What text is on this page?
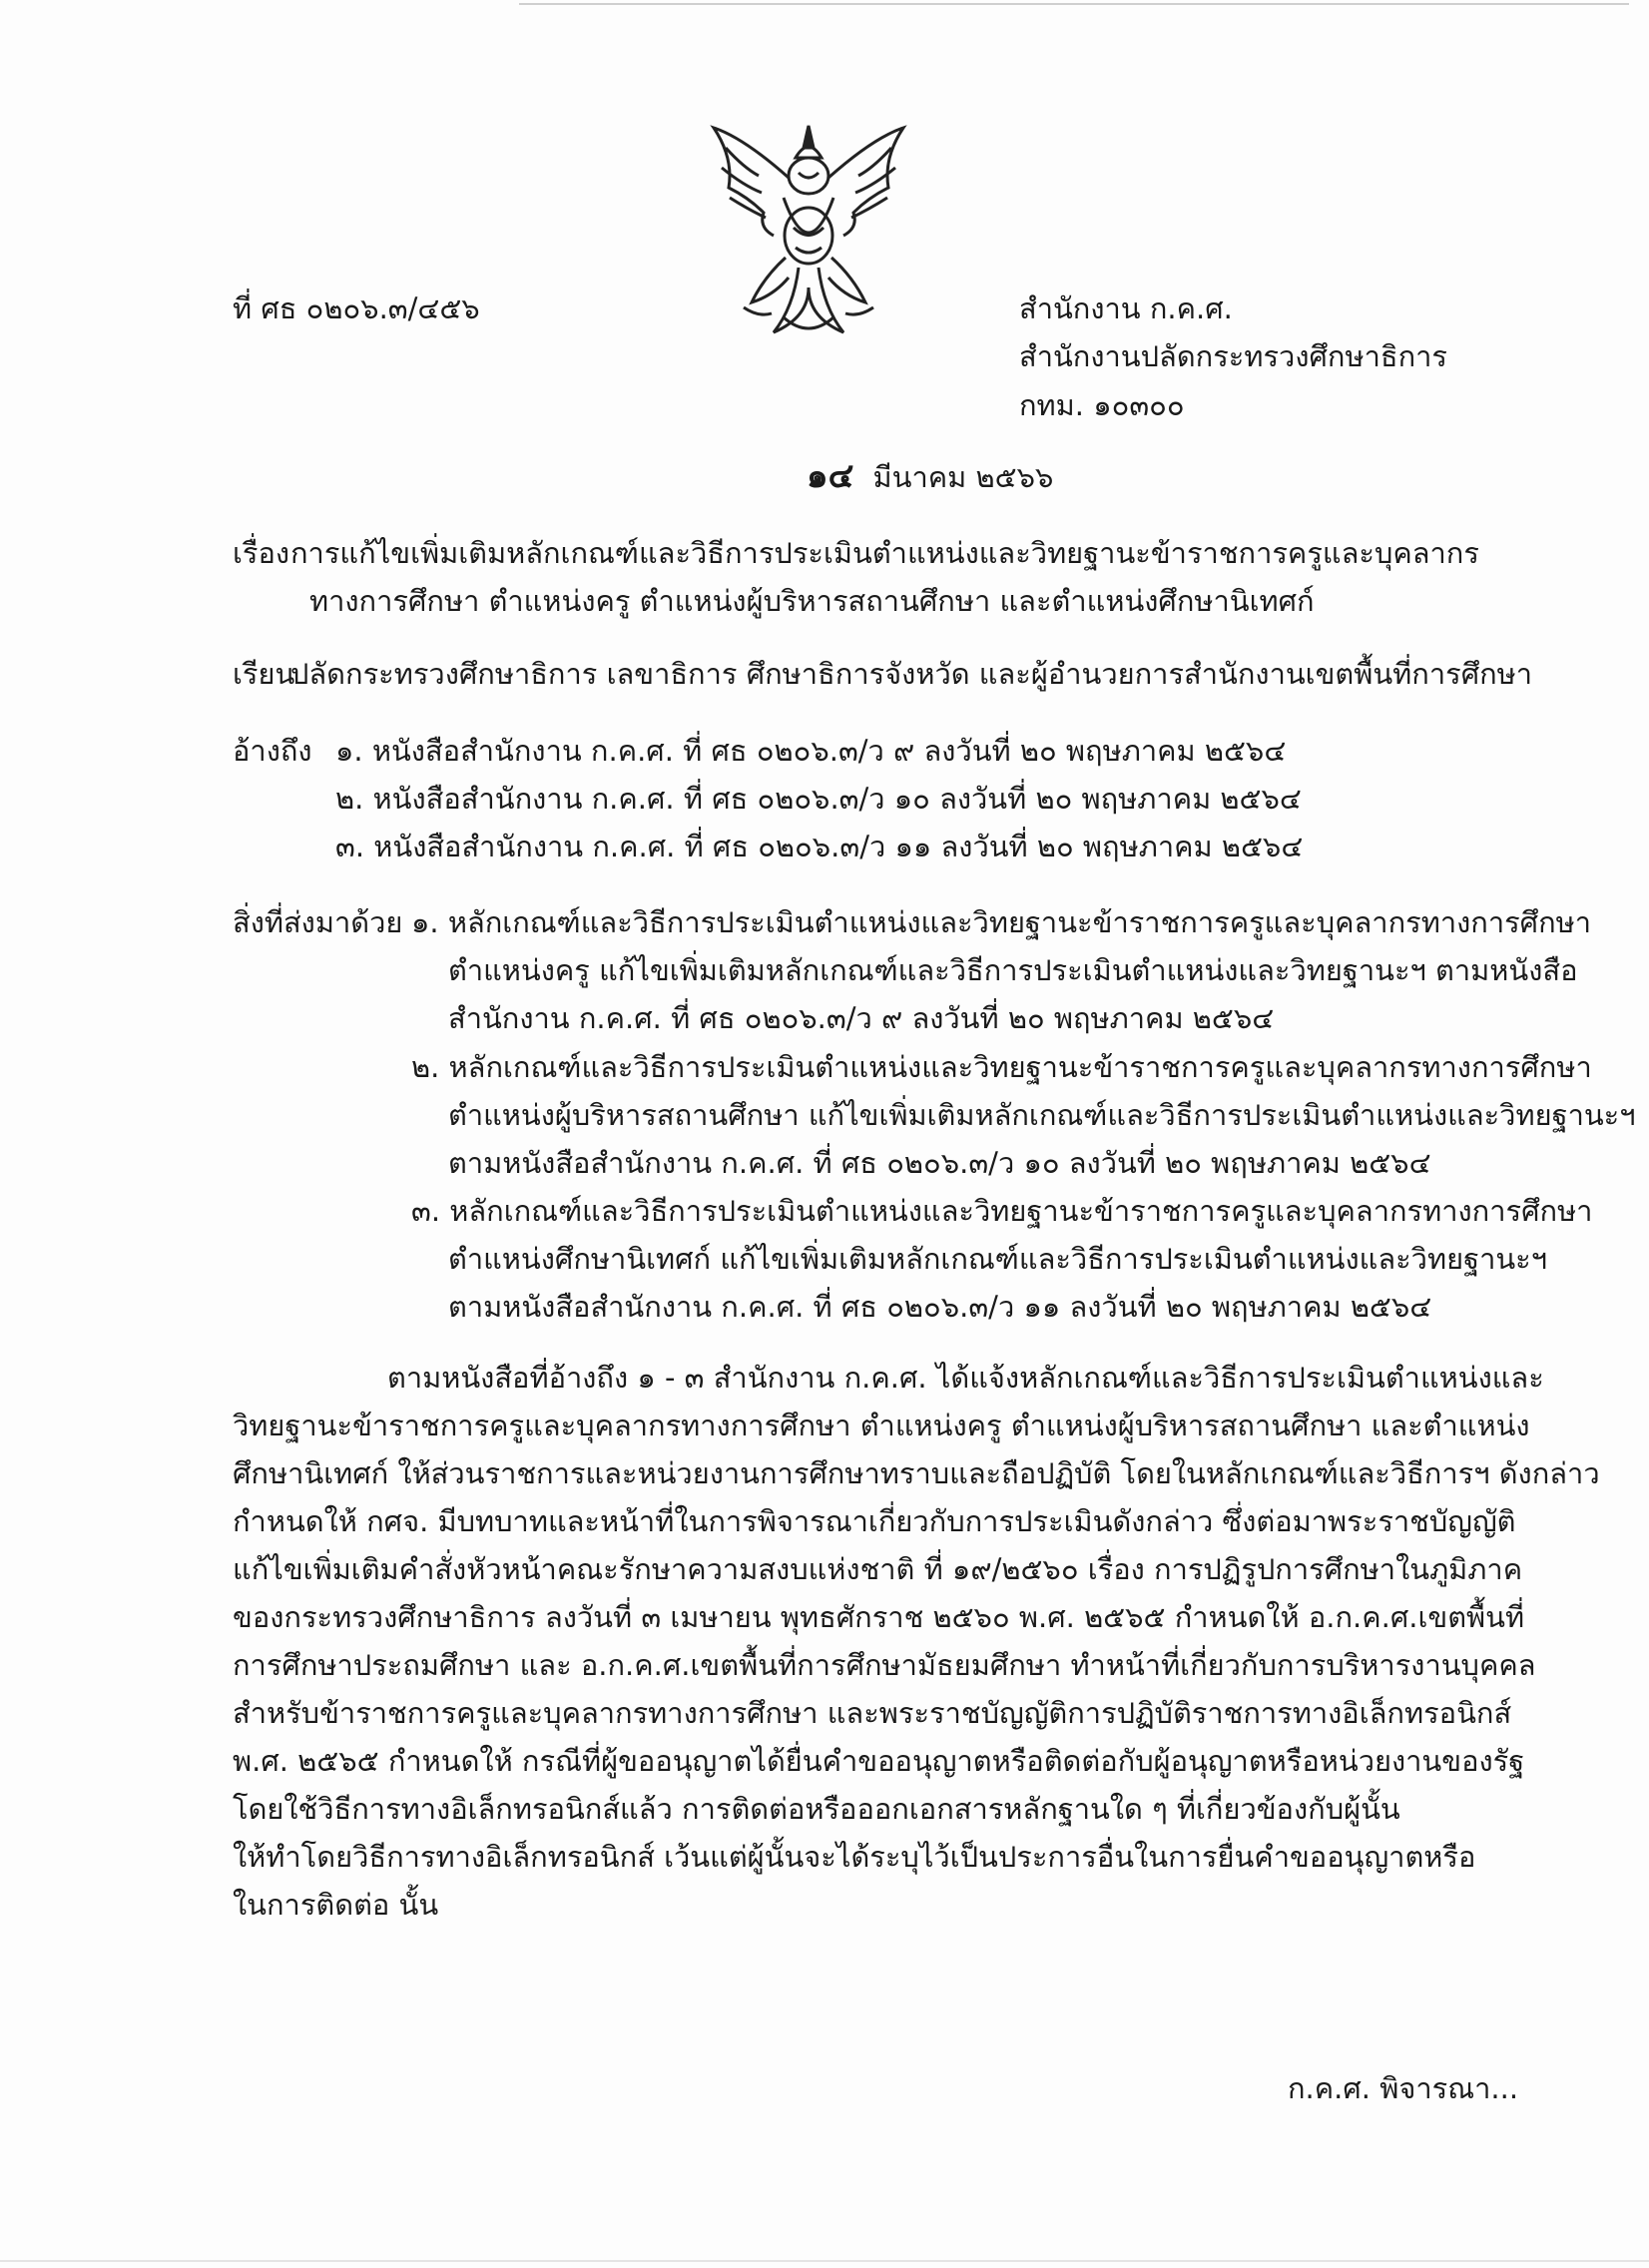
ที่ ศธ ๐๒๐๖.๓/๔๕๖	สำนักงาน ก.ค.ศ.
สำนักงานปลัดกระทรวงศึกษาธิการ
กทม. ๑๐๓๐๐
๑๔ มีนาคม ๒๕๖๖
เรื่อง การแก้ไขเพิ่มเติมหลักเกณฑ์และวิธีการประเมินตำแหน่งและวิทยฐานะข้าราชการครูและบุคลากร
ทางการศึกษา ตำแหน่งครู ตำแหน่งผู้บริหารสถานศึกษา และตำแหน่งศึกษานิเทศก์
เรียน
ปลัดกระทรวงศึกษาธิการ เลขาธิการ ศึกษาธิการจังหวัด และผู้อำนวยการสำนักงานเขตพื้นที่การศึกษา
อ้างถึง ๑. หนังสือสำนักงาน ก.ค.ศ. ที่ ศธ ๐๒๐๖.๓/ว ๙ ลงวันที่ ๒๐ พฤษภาคม ๒๕๖๔
๒. หนังสือสำนักงาน ก.ค.ศ. ที่ ศธ ๐๒๐๖.๓/ว ๑๐ ลงวันที่ ๒๐ พฤษภาคม ๒๕๖๔
๓. หนังสือสำนักงาน ก.ค.ศ. ที่ ศธ ๐๒๐๖.๓/ว ๑๑ ลงวันที่ ๒๐ พฤษภาคม ๒๕๖๔
สิ่งที่ส่งมาด้วย ๑. หลักเกณฑ์และวิธีการประเมินตำแหน่งและวิทยฐานะข้าราชการครูและบุคลากรทางการศึกษา
ตำแหน่งครู แก้ไขเพิ่มเติมหลักเกณฑ์และวิธีการประเมินตำแหน่งและวิทยฐานะฯ ตามหนังสือ
สำนักงาน ก.ค.ศ. ที่ ศธ ๐๒๐๖.๓/ว ๙ ลงวันที่ ๒๐ พฤษภาคม ๒๕๖๔
๒. หลักเกณฑ์และวิธีการประเมินตำแหน่งและวิทยฐานะข้าราชการครูและบุคลากรทางการศึกษา
ตำแหน่งผู้บริหารสถานศึกษา แก้ไขเพิ่มเติมหลักเกณฑ์และวิธีการประเมินตำแหน่งและวิทยฐานะฯ
ตามหนังสือสำนักงาน ก.ค.ศ. ที่ ศธ ๐๒๐๖.๓/ว ๑๐ ลงวันที่ ๒๐ พฤษภาคม ๒๕๖๔
๓. หลักเกณฑ์และวิธีการประเมินตำแหน่งและวิทยฐานะข้าราชการครูและบุคลากรทางการศึกษา
ตำแหน่งศึกษานิเทศก์ แก้ไขเพิ่มเติมหลักเกณฑ์และวิธีการประเมินตำแหน่งและวิทยฐานะฯ
ตามหนังสือสำนักงาน ก.ค.ศ. ที่ ศธ ๐๒๐๖.๓/ว ๑๑ ลงวันที่ ๒๐ พฤษภาคม ๒๕๖๔
ตามหนังสือที่อ้างถึง ๑ - ๓ สำนักงาน ก.ค.ศ. ได้แจ้งหลักเกณฑ์และวิธีการประเมินตำแหน่งและ
วิทยฐานะข้าราชการครูและบุคลากรทางการศึกษา ตำแหน่งครู ตำแหน่งผู้บริหารสถานศึกษา และตำแหน่ง
ศึกษานิเทศก์ ให้ส่วนราชการและหน่วยงานการศึกษาทราบและถือปฏิบัติ โดยในหลักเกณฑ์และวิธีการฯ ดังกล่าว
กำหนดให้ กศจ. มีบทบาทและหน้าที่ในการพิจารณาเกี่ยวกับการประเมินดังกล่าว ซึ่งต่อมาพระราชบัญญัติ
แก้ไขเพิ่มเติมคำสั่งหัวหน้าคณะรักษาความสงบแห่งชาติ ที่ ๑๙/๒๕๖๐ เรื่อง การปฏิรูปการศึกษาในภูมิภาค
ของกระทรวงศึกษาธิการ ลงวันที่ ๓ เมษายน พุทธศักราช ๒๕๖๐ พ.ศ. ๒๕๖๕ กำหนดให้ อ.ก.ค.ศ.เขตพื้นที่
การศึกษาประถมศึกษา และ อ.ก.ค.ศ.เขตพื้นที่การศึกษามัธยมศึกษา ทำหน้าที่เกี่ยวกับการบริหารงานบุคคล
สำหรับข้าราชการครูและบุคลากรทางการศึกษา และพระราชบัญญัติการปฏิบัติราชการทางอิเล็กทรอนิกส์
พ.ศ. ๒๕๖๕ กำหนดให้ กรณีที่ผู้ขออนุญาตได้ยื่นคำขออนุญาตหรือติดต่อกับผู้อนุญาตหรือหน่วยงานของรัฐ
โดยใช้วิธีการทางอิเล็กทรอนิกส์แล้ว การติดต่อหรือออกเอกสารหลักฐานใด ๆ ที่เกี่ยวข้องกับผู้นั้น
ให้ทำโดยวิธีการทางอิเล็กทรอนิกส์ เว้นแต่ผู้นั้นจะได้ระบุไว้เป็นประการอื่นในการยื่นคำขออนุญาตหรือ
ในการติดต่อ นั้น
ก.ค.ศ. พิจารณา...
